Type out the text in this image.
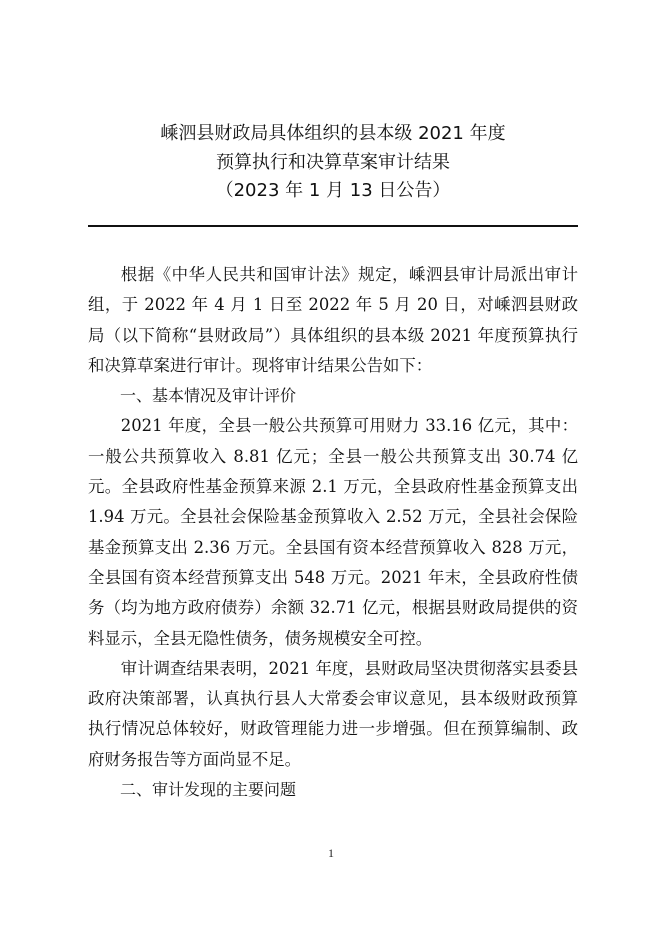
嵊泗县财政局具体组织的县本级 2021 年度
预算执行和决算草案审计结果
（2023 年 1 月 13 日公告）

根据《中华人民共和国审计法》规定，嵊泗县审计局派出审计组，于 2022 年 4 月 1 日至 2022 年 5 月 20 日，对嵊泗县财政局（以下简称“县财政局”）具体组织的县本级 2021 年度预算执行和决算草案进行审计。现将审计结果公告如下：

一、基本情况及审计评价

2021 年度，全县一般公共预算可用财力 33.16 亿元，其中：一般公共预算收入 8.81 亿元；全县一般公共预算支出 30.74 亿元。全县政府性基金预算来源 2.1 万元，全县政府性基金预算支出 1.94 万元。全县社会保险基金预算收入 2.52 万元，全县社会保险基金预算支出 2.36 万元。全县国有资本经营预算收入 828 万元，全县国有资本经营预算支出 548 万元。2021 年末，全县政府性债务（均为地方政府债券）余额 32.71 亿元，根据县财政局提供的资料显示，全县无隐性债务，债务规模安全可控。

审计调查结果表明，2021 年度，县财政局坚决贯彻落实县委县政府决策部署，认真执行县人大常委会审议意见，县本级财政预算执行情况总体较好，财政管理能力进一步增强。但在预算编制、政府财务报告等方面尚显不足。

二、审计发现的主要问题

1
